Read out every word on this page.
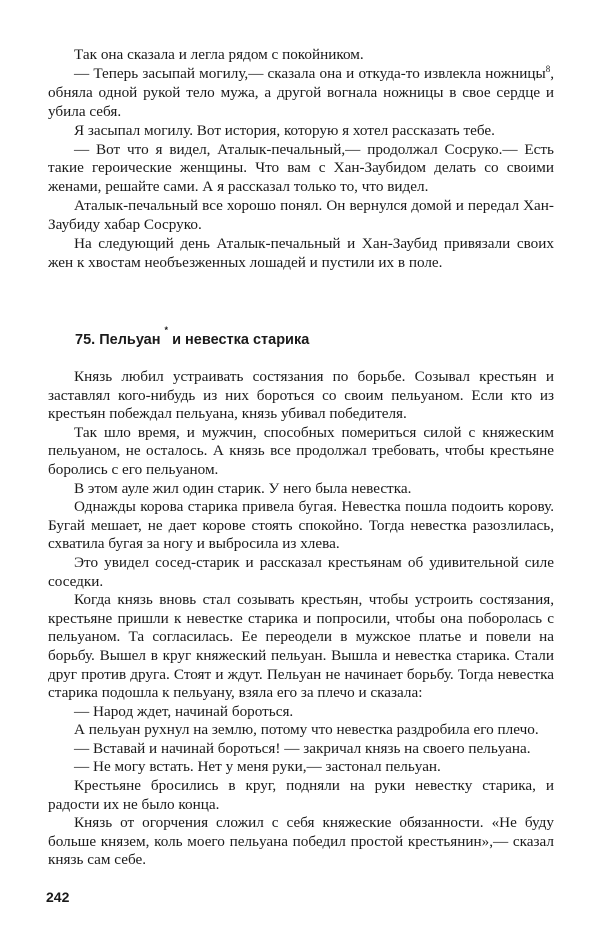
Так она сказала и легла рядом с покойником.

— Теперь засыпай могилу,— сказала она и откуда-то извлекла ножницы$^8$, обняла одной рукой тело мужа, а другой вогнала ножницы в свое сердце и убила себя.

Я засыпал могилу. Вот история, которую я хотел рассказать тебе.

— Вот что я видел, Аталык-печальный,— продолжал Сосруко.— Есть такие героические женщины. Что вам с Хан-Заубидом делать со своими женами, решайте сами. А я рассказал только то, что видел.

Аталык-печальный все хорошо понял. Он вернулся домой и передал Хан-Заубиду хабар Сосруко.

На следующий день Аталык-печальный и Хан-Заубид привязали своих жен к хвостам необъезженных лошадей и пустили их в поле.

75. Пельуан * и невестка старика

Князь любил устраивать состязания по борьбе. Созывал крестьян и заставлял кого-нибудь из них бороться со своим пельуаном. Если кто из крестьян побеждал пельуана, князь убивал победителя.

Так шло время, и мужчин, способных помериться силой с княжеским пельуаном, не осталось. А князь все продолжал требовать, чтобы крестьяне боролись с его пельуаном.

В этом ауле жил один старик. У него была невестка.

Однажды корова старика привела бугая. Невестка пошла подоить корову. Бугай мешает, не дает корове стоять спокойно. Тогда невестка разозлилась, схватила бугая за ногу и выбросила из хлева.

Это увидел сосед-старик и рассказал крестьянам об удивительной силе соседки.

Когда князь вновь стал созывать крестьян, чтобы устроить состязания, крестьяне пришли к невестке старика и попросили, чтобы она поборолась с пельуаном. Та согласилась. Ее переодели в мужское платье и повели на борьбу. Вышел в круг княжеский пельуан. Вышла и невестка старика. Стали друг против друга. Стоят и ждут. Пельуан не начинает борьбу. Тогда невестка старика подошла к пельуану, взяла его за плечо и сказала:

— Народ ждет, начинай бороться.

А пельуан рухнул на землю, потому что невестка раздробила его плечо.

— Вставай и начинай бороться! — закричал князь на своего пельуана.

— Не могу встать. Нет у меня руки,— застонал пельуан.

Крестьяне бросились в круг, подняли на руки невестку старика, и радости их не было конца.

Князь от огорчения сложил с себя княжеские обязанности. «Не буду больше князем, коль моего пельуана победил простой крестьянин»,— сказал князь сам себе.

242
